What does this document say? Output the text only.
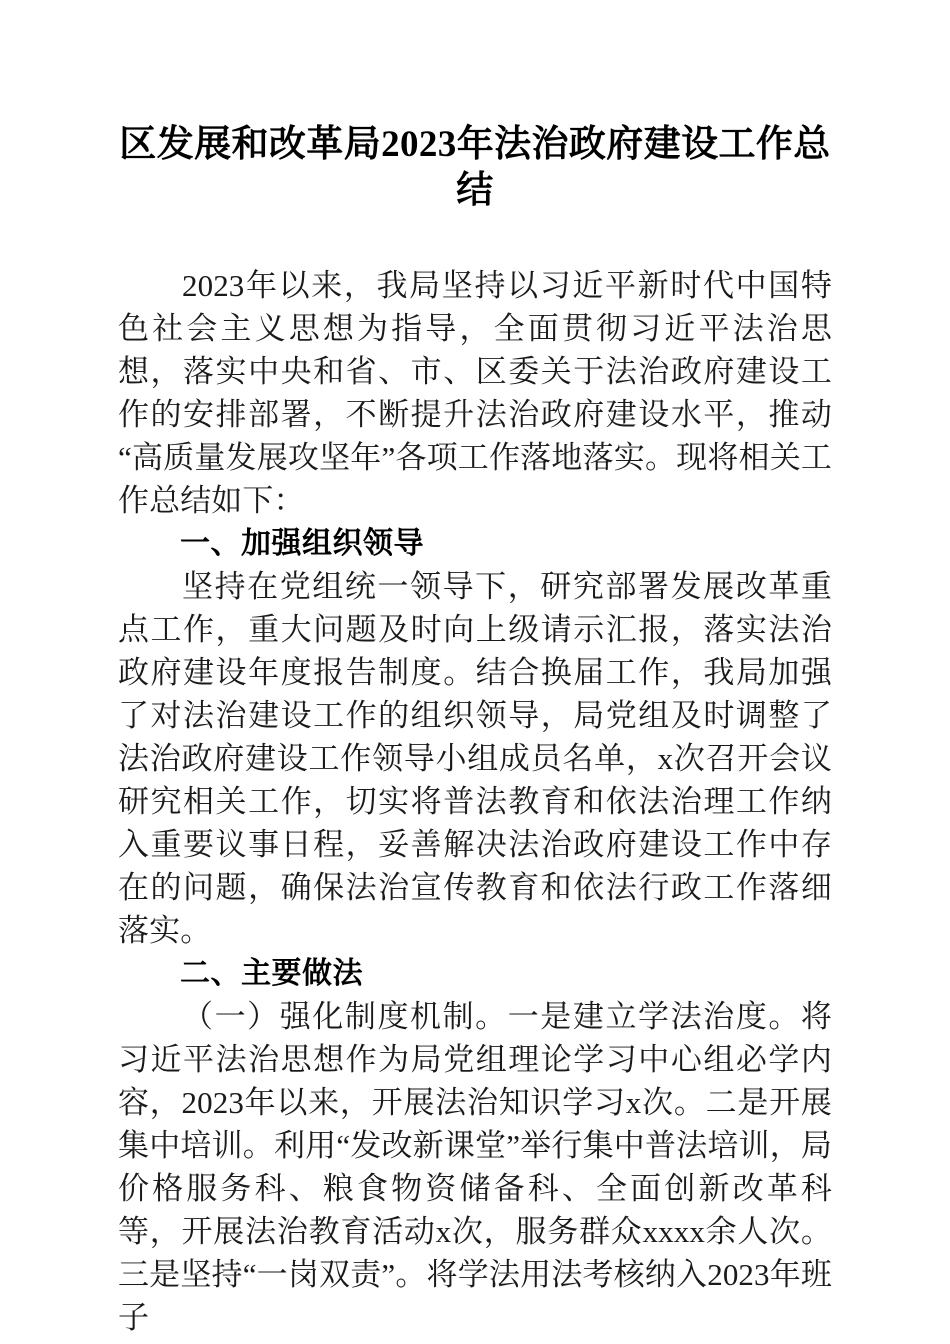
区发展和改革局2023年法治政府建设工作总结

2023年以来，我局坚持以习近平新时代中国特色社会主义思想为指导，全面贯彻习近平法治思想，落实中央和省、市、区委关于法治政府建设工作的安排部署，不断提升法治政府建设水平，推动“高质量发展攻坚年”各项工作落地落实。现将相关工作总结如下：

一、加强组织领导

坚持在党组统一领导下，研究部署发展改革重点工作，重大问题及时向上级请示汇报，落实法治政府建设年度报告制度。结合换届工作，我局加强了对法治建设工作的组织领导，局党组及时调整了法治政府建设工作领导小组成员名单，x次召开会议研究相关工作，切实将普法教育和依法治理工作纳入重要议事日程，妥善解决法治政府建设工作中存在的问题，确保法治宣传教育和依法行政工作落细落实。

二、主要做法

（一）强化制度机制。一是建立学法治度。将习近平法治思想作为局党组理论学习中心组必学内容，2023年以来，开展法治知识学习x次。二是开展集中培训。利用“发改新课堂”举行集中普法培训，局价格服务科、粮食物资储备科、全面创新改革科等，开展法治教育活动x次，服务群众xxxx余人次。三是坚持“一岗双责”。将学法用法考核纳入2023年班子
